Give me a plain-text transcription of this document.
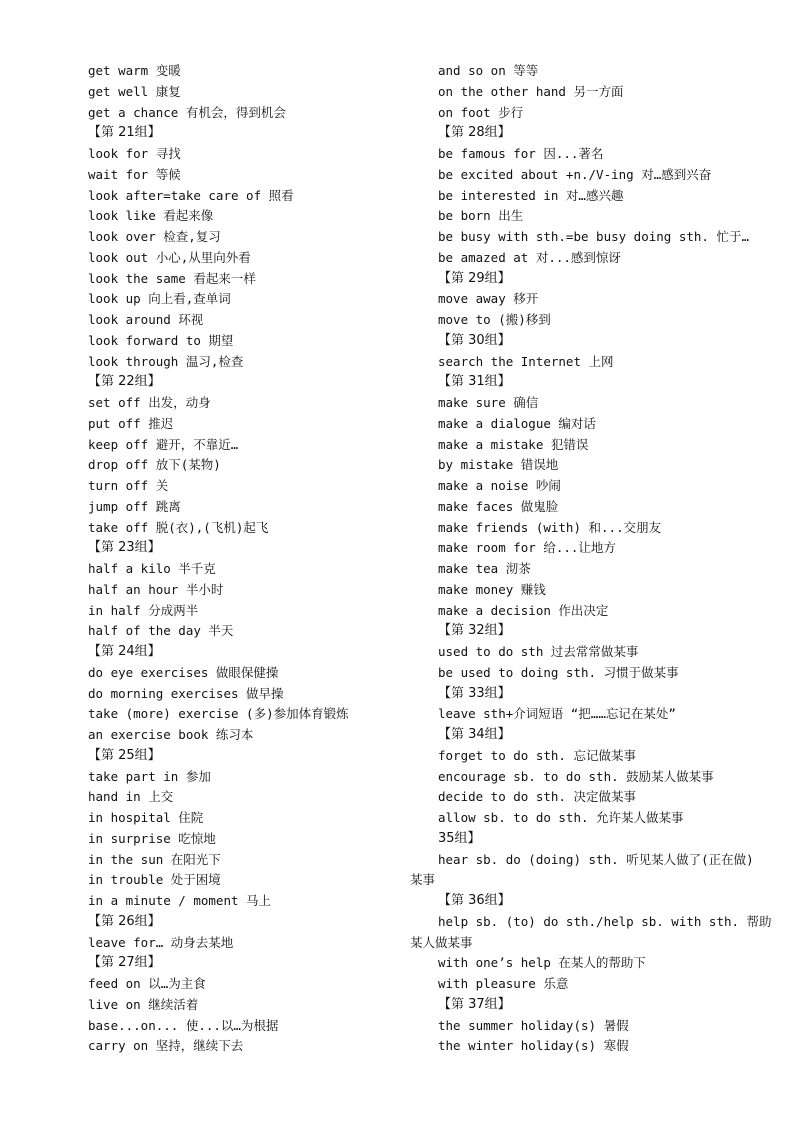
get warm 变暖
get well 康复
get a chance 有机会，得到机会
【第 21组】
look for 寻找
wait for 等候
look after=take care of 照看
look like 看起来像
look over 检查,复习
look out 小心,从里向外看
look the same 看起来一样
look up 向上看,查单词
look around 环视
look forward to 期望
look through 温习,检查
【第 22组】
set off 出发，动身
put off 推迟
keep off 避开，不靠近…
drop off 放下(某物)
turn off 关
jump off 跳离
take off 脱(衣),(飞机)起飞
【第 23组】
half a kilo 半千克
half an hour 半小时
in half 分成两半
half of the day 半天
【第 24组】
do eye exercises 做眼保健操
do morning exercises 做早操
take (more) exercise (多)参加体育锻炼
an exercise book 练习本
【第 25组】
take part in 参加
hand in 上交
in hospital 住院
in surprise 吃惊地
in the sun 在阳光下
in trouble 处于困境
in a minute / moment 马上
【第 26组】
leave for… 动身去某地
【第 27组】
feed on 以…为主食
live on 继续活着
base...on... 使...以…为根据
carry on 坚持，继续下去
and so on 等等
on the other hand 另一方面
on foot 步行
【第 28组】
be famous for 因...著名
be excited about +n./V-ing 对…感到兴奋
be interested in 对…感兴趣
be born 出生
be busy with sth.=be busy doing sth. 忙于…
be amazed at 对...感到惊讶
【第 29组】
move away 移开
move to (搬)移到
【第 30组】
search the Internet 上网
【第 31组】
make sure 确信
make a dialogue 编对话
make a mistake 犯错误
by mistake 错误地
make a noise 吵闹
make faces 做鬼脸
make friends (with) 和...交朋友
make room for 给...让地方
make tea 沏茶
make money 赚钱
make a decision 作出决定
【第 32组】
used to do sth 过去常常做某事
be used to doing sth. 习惯于做某事
【第 33组】
leave sth+介词短语 “把……忘记在某处”
【第 34组】
forget to do sth. 忘记做某事
encourage sb. to do sth. 鼓励某人做某事
decide to do sth. 决定做某事
allow sb. to do sth. 允许某人做某事
35组】
hear sb. do (doing) sth. 听见某人做了(正在做)
某事
【第 36组】
help sb. (to) do sth./help sb. with sth. 帮助
某人做某事
with one’s help 在某人的帮助下
with pleasure 乐意
【第 37组】
the summer holiday(s) 暑假
the winter holiday(s) 寒假
